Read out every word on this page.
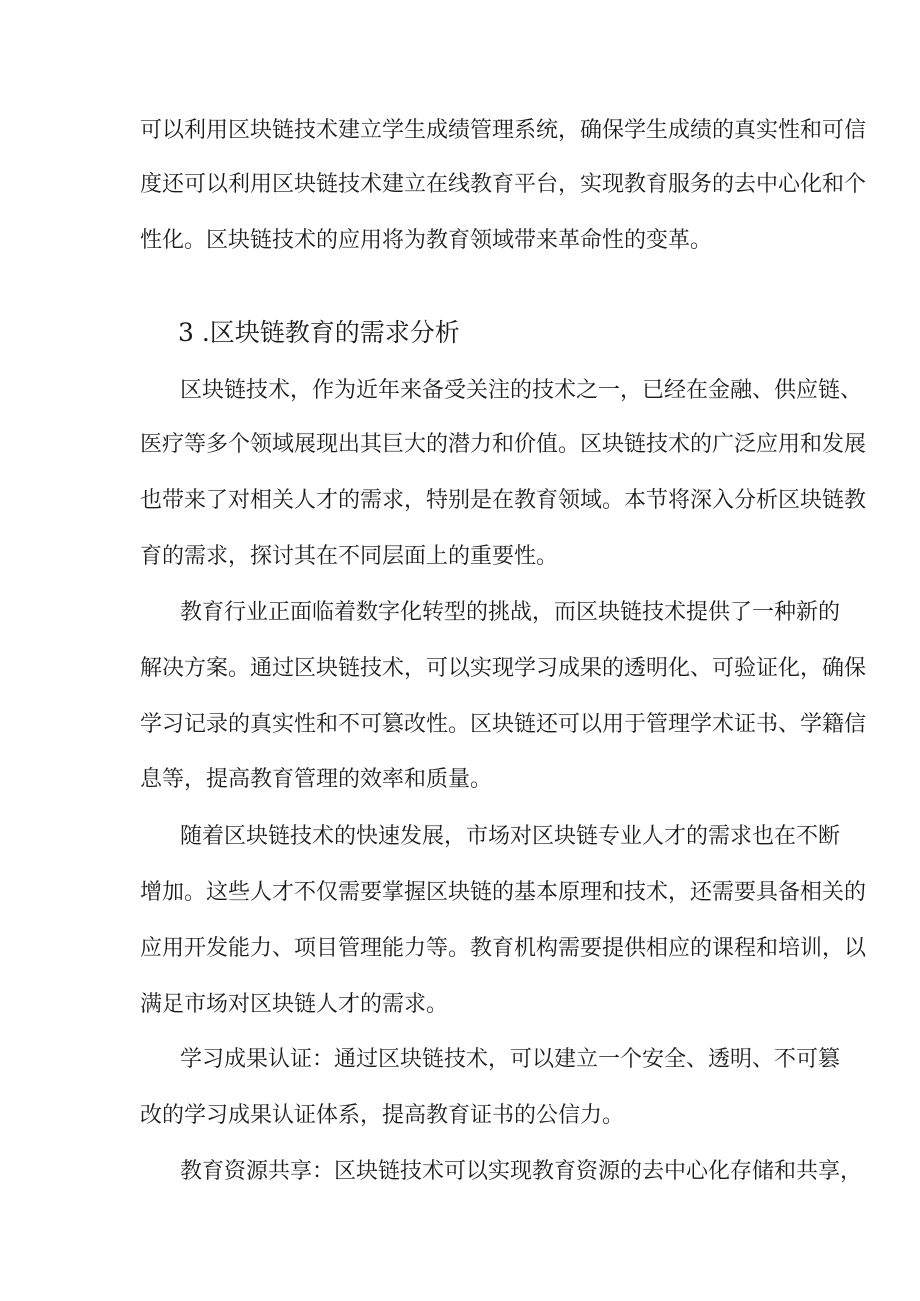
可以利用区块链技术建立学生成绩管理系统，确保学生成绩的真实性和可信
度还可以利用区块链技术建立在线教育平台，实现教育服务的去中心化和个
性化。区块链技术的应用将为教育领域带来革命性的变革。
3 .区块链教育的需求分析
区块链技术，作为近年来备受关注的技术之一，已经在金融、供应链、
医疗等多个领域展现出其巨大的潜力和价值。区块链技术的广泛应用和发展
也带来了对相关人才的需求，特别是在教育领域。本节将深入分析区块链教
育的需求，探讨其在不同层面上的重要性。
教育行业正面临着数字化转型的挑战，而区块链技术提供了一种新的
解决方案。通过区块链技术，可以实现学习成果的透明化、可验证化，确保
学习记录的真实性和不可篡改性。区块链还可以用于管理学术证书、学籍信
息等，提高教育管理的效率和质量。
随着区块链技术的快速发展，市场对区块链专业人才的需求也在不断
增加。这些人才不仅需要掌握区块链的基本原理和技术，还需要具备相关的
应用开发能力、项目管理能力等。教育机构需要提供相应的课程和培训，以
满足市场对区块链人才的需求。
学习成果认证：通过区块链技术，可以建立一个安全、透明、不可篡
改的学习成果认证体系，提高教育证书的公信力。
教育资源共享：区块链技术可以实现教育资源的去中心化存储和共享，
